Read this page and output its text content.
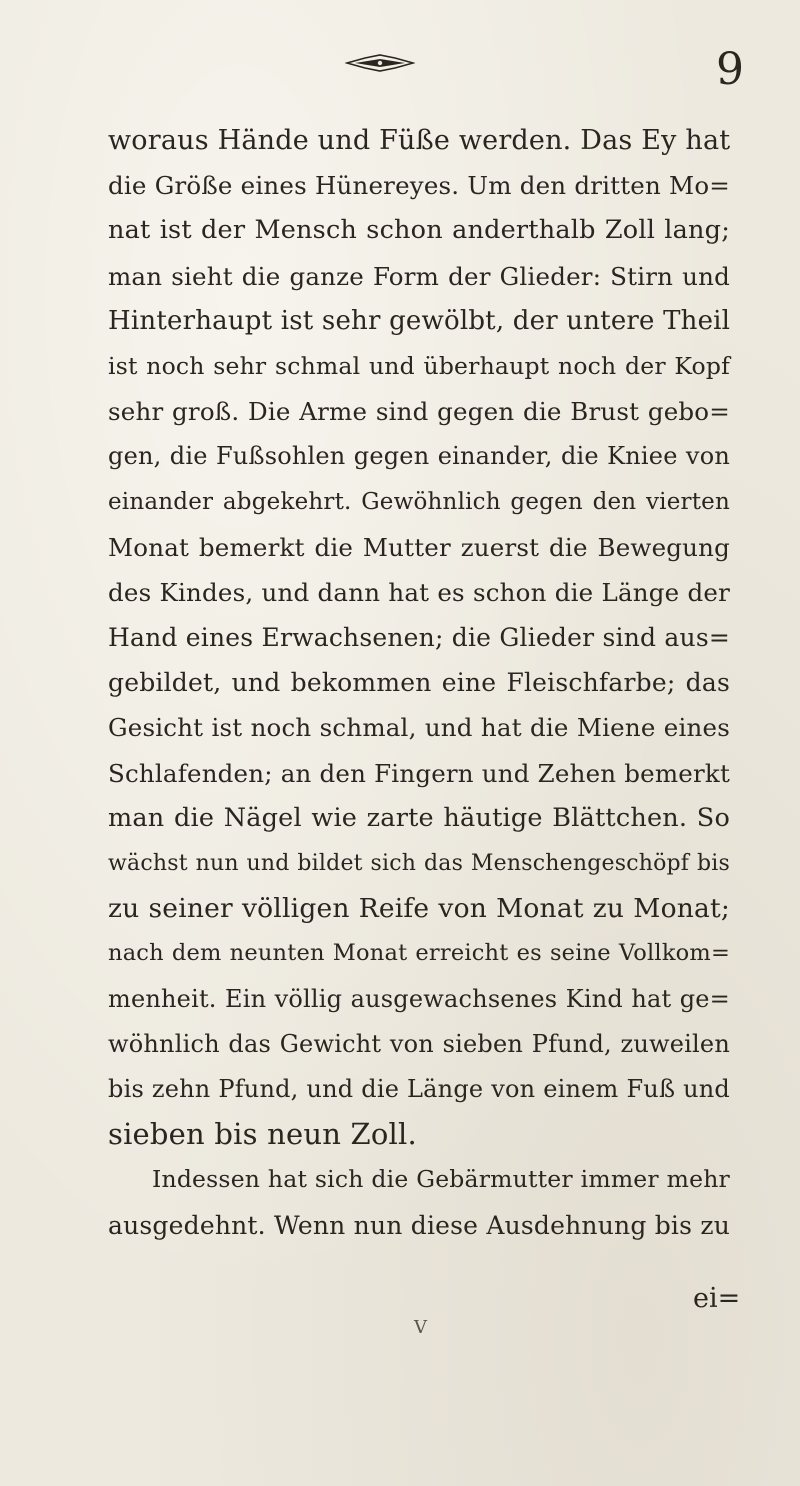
9
woraus Hände und Füße werden. Das Ey hat
die Größe eines Hünereyes. Um den dritten Mo=
nat ist der Mensch schon anderthalb Zoll lang;
man sieht die ganze Form der Glieder: Stirn und
Hinterhaupt ist sehr gewölbt, der untere Theil
ist noch sehr schmal und überhaupt noch der Kopf
sehr groß. Die Arme sind gegen die Brust gebo=
gen, die Fußsohlen gegen einander, die Kniee von
einander abgekehrt. Gewöhnlich gegen den vierten
Monat bemerkt die Mutter zuerst die Bewegung
des Kindes, und dann hat es schon die Länge der
Hand eines Erwachsenen; die Glieder sind aus=
gebildet, und bekommen eine Fleischfarbe; das
Gesicht ist noch schmal, und hat die Miene eines
Schlafenden; an den Fingern und Zehen bemerkt
man die Nägel wie zarte häutige Blättchen. So
wächst nun und bildet sich das Menschengeschöpf bis
zu seiner völligen Reife von Monat zu Monat;
nach dem neunten Monat erreicht es seine Vollkom=
menheit. Ein völlig ausgewachsenes Kind hat ge=
wöhnlich das Gewicht von sieben Pfund, zuweilen
bis zehn Pfund, und die Länge von einem Fuß und
sieben bis neun Zoll.
Indessen hat sich die Gebärmutter immer mehr
ausgedehnt. Wenn nun diese Ausdehnung bis zu
ei=
V
